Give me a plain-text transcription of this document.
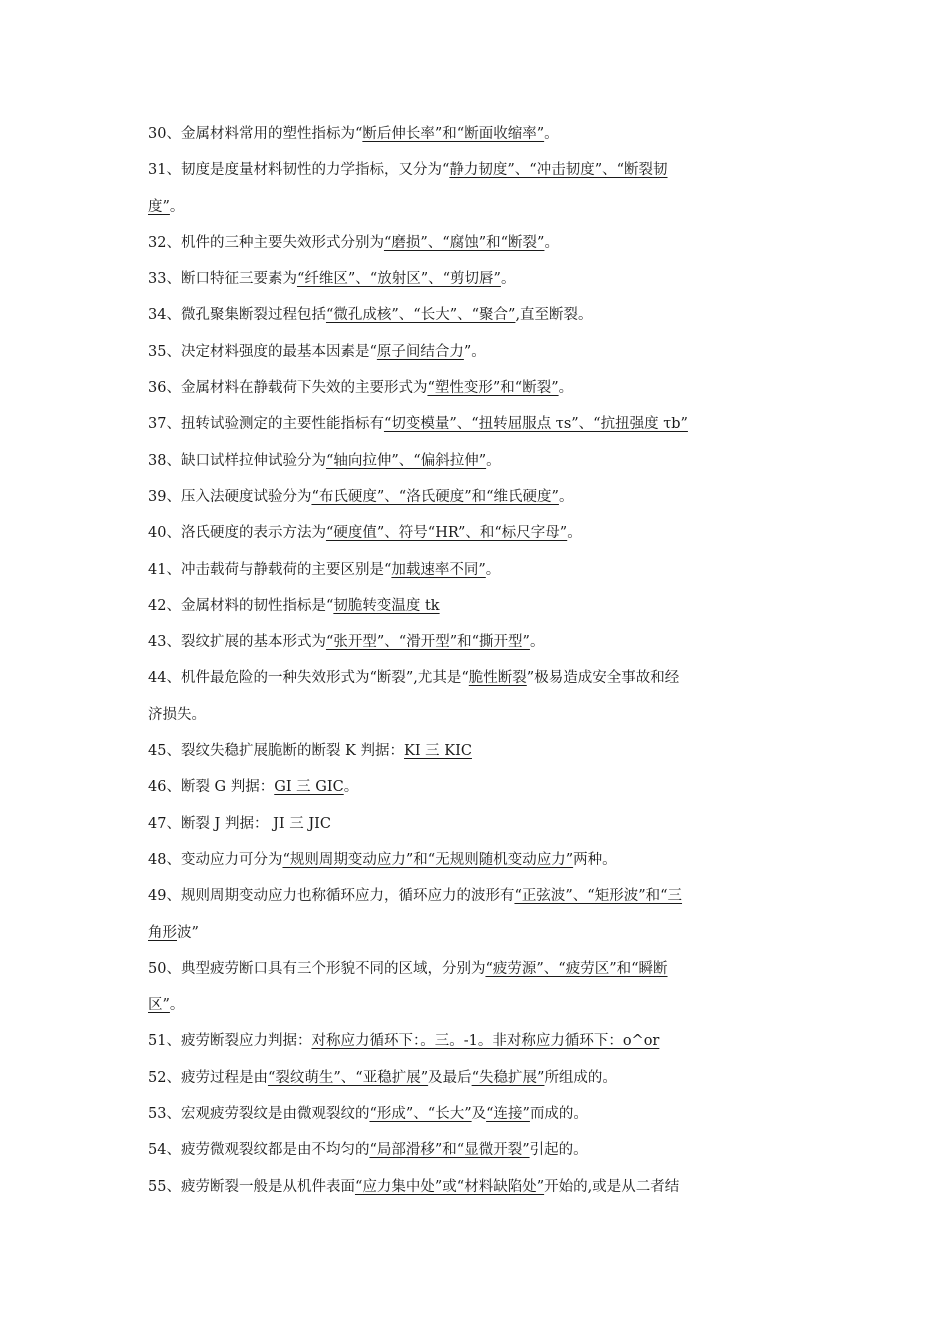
30、金属材料常用的塑性指标为“断后伸长率”和“断面收缩率”。
31、韧度是度量材料韧性的力学指标，又分为“静力韧度”、“冲击韧度”、“断裂韧
度”。
32、机件的三种主要失效形式分别为“磨损”、“腐蚀”和“断裂”。
33、断口特征三要素为“纤维区”、“放射区”、“剪切唇”。
34、微孔聚集断裂过程包括“微孔成核”、“长大”、“聚合”,直至断裂。
35、决定材料强度的最基本因素是“原子间结合力”。
36、金属材料在静载荷下失效的主要形式为“塑性变形”和“断裂”。
37、扭转试验测定的主要性能指标有“切变模量”、“扭转屈服点 τs”、“抗扭强度 τb”
38、缺口试样拉伸试验分为“轴向拉伸”、“偏斜拉伸”。
39、压入法硬度试验分为“布氏硬度”、“洛氏硬度”和“维氏硬度”。
40、洛氏硬度的表示方法为“硬度值”、符号“HR”、和“标尺字母”。
41、冲击载荷与静载荷的主要区别是“加载速率不同”。
42、金属材料的韧性指标是“韧脆转变温度 tk
43、裂纹扩展的基本形式为“张开型”、“滑开型”和“撕开型”。
44、机件最危险的一种失效形式为“断裂”,尤其是“脆性断裂”极易造成安全事故和经
济损失。
45、裂纹失稳扩展脆断的断裂 K 判据：KI 三 KIC
46、断裂 G 判据：GI 三 GIC。
47、断裂 J 判据： JI 三 JIC
48、变动应力可分为“规则周期变动应力”和“无规则随机变动应力”两种。
49、规则周期变动应力也称循环应力，循环应力的波形有“正弦波”、“矩形波”和“三
角形波”
50、典型疲劳断口具有三个形貌不同的区域，分别为“疲劳源”、“疲劳区”和“瞬断
区”。
51、疲劳断裂应力判据：对称应力循环下：。三。-1。非对称应力循环下：o^or
52、疲劳过程是由“裂纹萌生”、“亚稳扩展”及最后“失稳扩展”所组成的。
53、宏观疲劳裂纹是由微观裂纹的“形成”、“长大”及“连接”而成的。
54、疲劳微观裂纹都是由不均匀的“局部滑移”和“显微开裂”引起的。
55、疲劳断裂一般是从机件表面“应力集中处”或“材料缺陷处”开始的,或是从二者结
